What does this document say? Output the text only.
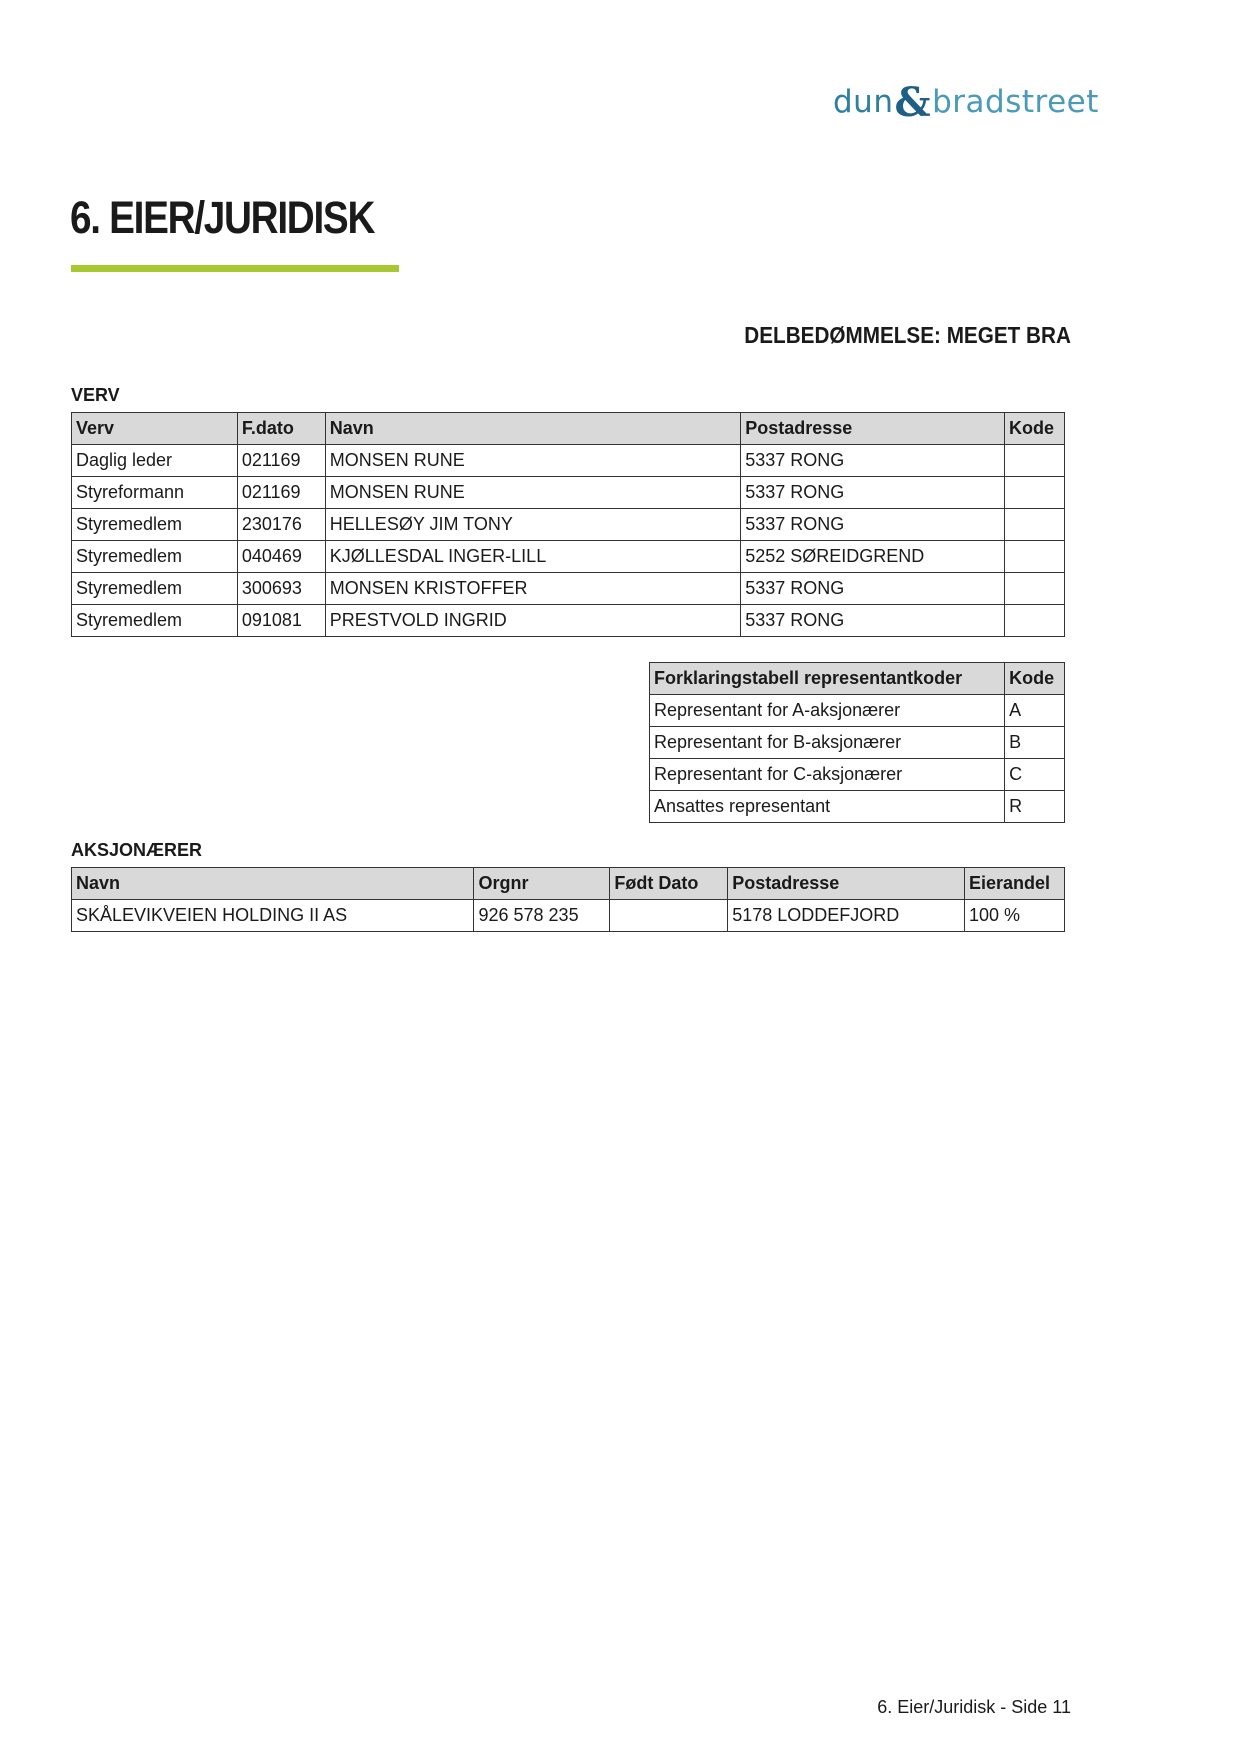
dun & bradstreet
6. EIER/JURIDISK
DELBEDØMMELSE: MEGET BRA
VERV
Verv	F.dato	Navn	Postadresse	Kode
Daglig leder	021169	MONSEN RUNE	5337 RONG	
Styreformann	021169	MONSEN RUNE	5337 RONG	
Styremedlem	230176	HELLESØY JIM TONY	5337 RONG	
Styremedlem	040469	KJØLLESDAL INGER-LILL	5252 SØREIDGREND	
Styremedlem	300693	MONSEN KRISTOFFER	5337 RONG	
Styremedlem	091081	PRESTVOLD INGRID	5337 RONG	
Forklaringstabell representantkoder	Kode
Representant for A-aksjonærer	A
Representant for B-aksjonærer	B
Representant for C-aksjonærer	C
Ansattes representant	R
AKSJONÆRER
Navn	Orgnr	Født Dato	Postadresse	Eierandel
SKÅLEVIKVEIEN HOLDING II AS	926 578 235		5178 LODDEFJORD	100 %
6. Eier/Juridisk - Side 11
